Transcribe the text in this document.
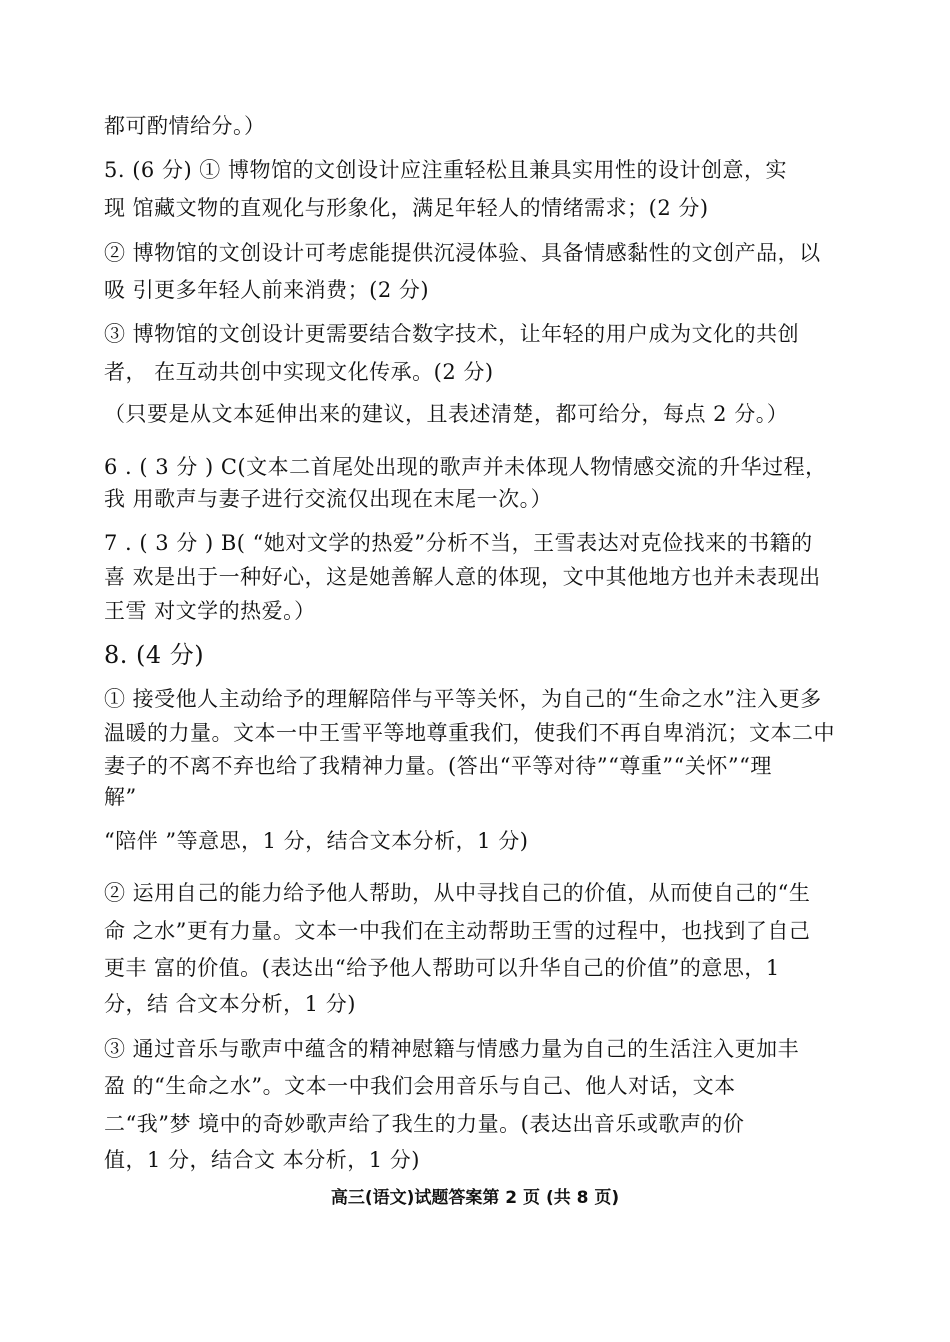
都可酌情给分。）
5. (6 分) ① 博物馆的文创设计应注重轻松且兼具实用性的设计创意，实
现 馆藏文物的直观化与形象化，满足年轻人的情绪需求；(2 分)
② 博物馆的文创设计可考虑能提供沉浸体验、具备情感黏性的文创产品，以
吸 引更多年轻人前来消费；(2 分)
③ 博物馆的文创设计更需要结合数字技术，让年轻的用户成为文化的共创
者， 在互动共创中实现文化传承。(2 分)
（只要是从文本延伸出来的建议，且表述清楚，都可给分，每点 2 分。）
6 . ( 3 分 ) C(文本二首尾处出现的歌声并未体现人物情感交流的升华过程，
我 用歌声与妻子进行交流仅出现在末尾一次。）
7 . ( 3 分 ) B( “她对文学的热爱”分析不当，王雪表达对克俭找来的书籍的
喜 欢是出于一种好心，这是她善解人意的体现，文中其他地方也并未表现出
王雪 对文学的热爱。）
8. (4 分)
① 接受他人主动给予的理解陪伴与平等关怀，为自己的“生命之水”注入更多
温暖的力量。文本一中王雪平等地尊重我们，使我们不再自卑消沉；文本二中
妻子的不离不弃也给了我精神力量。(答出“平等对待”“尊重”“关怀”“理
解”
“陪伴 ”等意思，1 分，结合文本分析，1 分)
② 运用自己的能力给予他人帮助，从中寻找自己的价值，从而使自己的“生
命 之水”更有力量。文本一中我们在主动帮助王雪的过程中，也找到了自己
更丰 富的价值。(表达出“给予他人帮助可以升华自己的价值”的意思，1
分，结 合文本分析，1 分)
③ 通过音乐与歌声中蕴含的精神慰籍与情感力量为自己的生活注入更加丰
盈 的“生命之水”。文本一中我们会用音乐与自己、他人对话，文本
二“我”梦 境中的奇妙歌声给了我生的力量。(表达出音乐或歌声的价
值，1 分，结合文 本分析，1 分)
高三(语文)试题答案第 2 页 (共 8 页)
